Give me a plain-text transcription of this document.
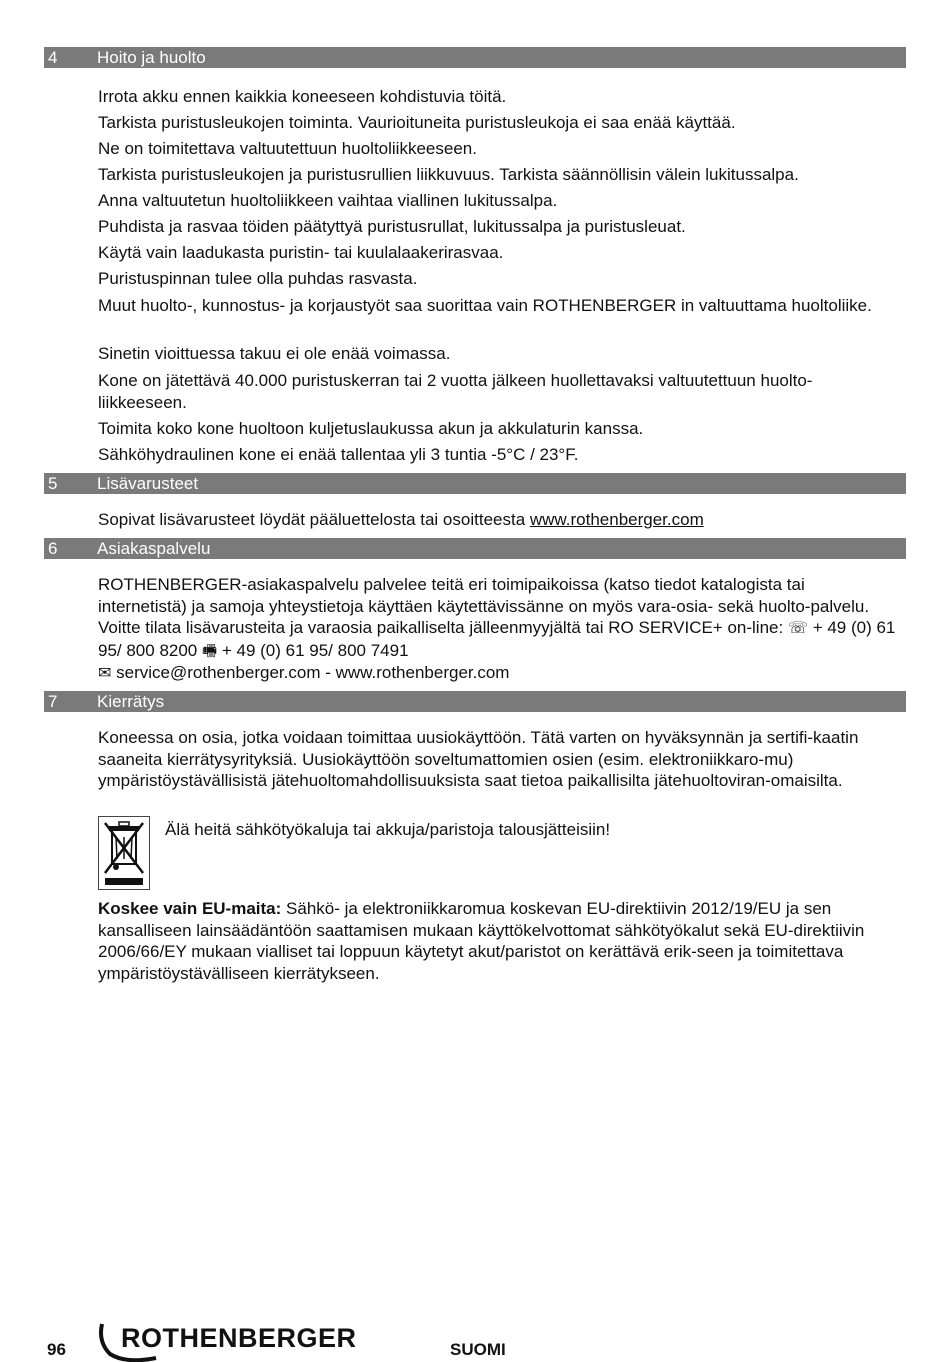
4 Hoito ja huolto

Irrota akku ennen kaikkia koneeseen kohdistuvia töitä.

Tarkista puristusleukojen toiminta. Vaurioituneita puristusleukoja ei saa enää käyttää.

Ne on toimitettava valtuutettuun huoltoliikkeeseen.

Tarkista puristusleukojen ja puristusrullien liikkuvuus. Tarkista säännöllisin välein lukitussalpa.

Anna valtuutetun huoltoliikkeen vaihtaa viallinen lukitussalpa.

Puhdista ja rasvaa töiden päätyttyä puristusrullat, lukitussalpa ja puristusleuat.

Käytä vain laadukasta puristin- tai kuulalaakerirasvaa.

Puristuspinnan tulee olla puhdas rasvasta.

Muut huolto-, kunnostus- ja korjaustyöt saa suorittaa vain ROTHENBERGER in valtuuttama huoltoliike.

Sinetin vioittuessa takuu ei ole enää voimassa.

Kone on jätettävä 40.000 puristuskerran tai 2 vuotta jälkeen huollettavaksi valtuutettuun huolto-liikkeeseen.

Toimita koko kone huoltoon kuljetuslaukussa akun ja akkulaturin kanssa.

Sähköhydraulinen kone ei enää tallentaa yli 3 tuntia -5°C / 23°F.

5 Lisävarusteet

Sopivat lisävarusteet löydät pääluettelosta tai osoitteesta www.rothenberger.com

6 Asiakaspalvelu

ROTHENBERGER-asiakaspalvelu palvelee teitä eri toimipaikoissa (katso tiedot katalogista tai internetistä) ja samoja yhteystietoja käyttäen käytettävissänne on myös vara-osia- sekä huolto-palvelu. Voitte tilata lisävarusteita ja varaosia paikalliselta jälleenmyyjältä tai RO SERVICE+ on-line: ☏ + 49 (0) 61 95/ 800 8200 🖷 + 49 (0) 61 95/ 800 7491
✉ service@rothenberger.com - www.rothenberger.com

7 Kierrätys

Koneessa on osia, jotka voidaan toimittaa uusiokäyttöön. Tätä varten on hyväksynnän ja sertifi-kaatin saaneita kierrätysyrityksiä. Uusiokäyttöön soveltumattomien osien (esim. elektroniikkaro-mu) ympäristöystävällisistä jätehuoltomahdollisuuksista saat tietoa paikallisilta jätehuoltoviran-omaisilta.

Älä heitä sähkötyökaluja tai akkuja/paristoja talousjätteisiin!

Koskee vain EU-maita: Sähkö- ja elektroniikkaromua koskevan EU-direktiivin 2012/19/EU ja sen kansalliseen lainsäädäntöön saattamisen mukaan käyttökelvottomat sähkötyökalut sekä EU-direktiivin 2006/66/EY mukaan vialliset tai loppuun käytetyt akut/paristot on kerättävä erik-seen ja toimitettava ympäristöystävälliseen kierrätykseen.

96 ROTHENBERGER	SUOMI
